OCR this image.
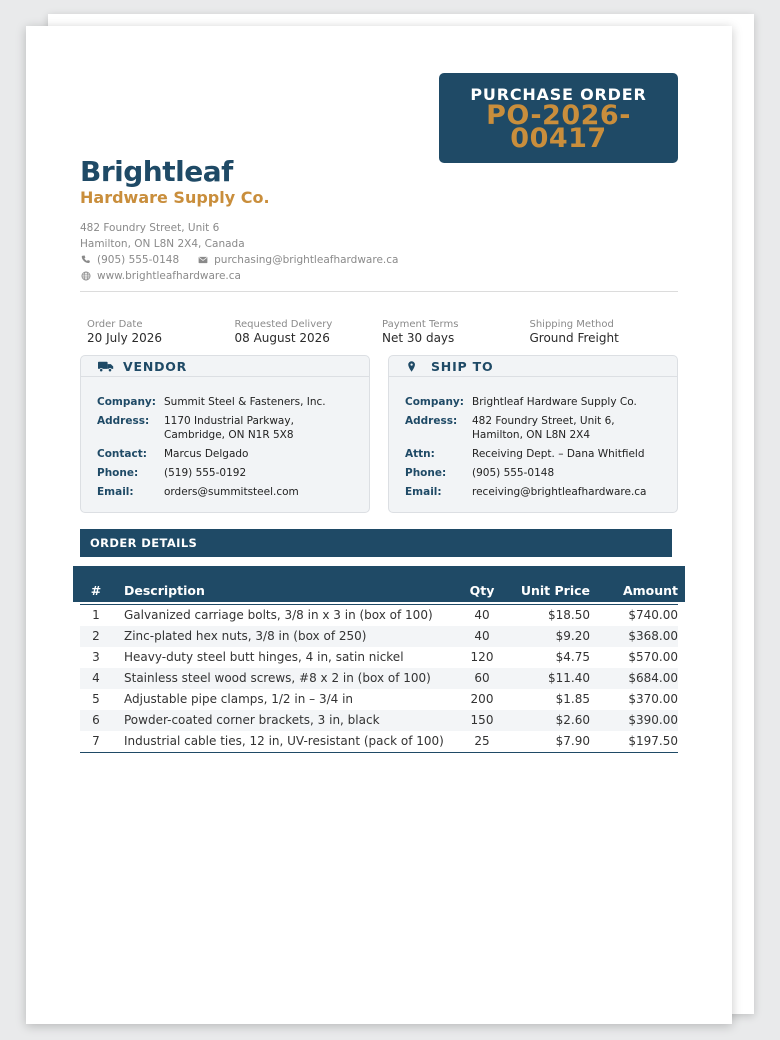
PURCHASE ORDER
PO-2026-00417
Brightleaf
Hardware Supply Co.
482 Foundry Street, Unit 6
Hamilton, ON L8N 2X4, Canada
(905) 555-0148	purchasing@brightleafhardware.ca
www.brightleafhardware.ca
Order Date
20 July 2026
Requested Delivery
08 August 2026
Payment Terms
Net 30 days
Shipping Method
Ground Freight
VENDOR
Company: Summit Steel & Fasteners, Inc.
Address:	1170 Industrial Parkway, Cambridge, ON N1R 5X8
Contact:	Marcus Delgado
Phone:	(519) 555-0192
Email:	orders@summitsteel.com
SHIP TO
Company: Brightleaf Hardware Supply Co.
Address:	482 Foundry Street, Unit 6, Hamilton, ON L8N 2X4
Attn:	Receiving Dept. – Dana Whitfield
Phone:	(905) 555-0148
Email:	receiving@brightleafhardware.ca
ORDER DETAILS
# Description	Qty	Unit Price	Amount
1 Galvanized carriage bolts, 3/8 in x 3 in (box of 100)	40	$18.50	$740.00
2 Zinc-plated hex nuts, 3/8 in (box of 250)	40	$9.20	$368.00
3 Heavy-duty steel butt hinges, 4 in, satin nickel	120	$4.75	$570.00
4 Stainless steel wood screws, #8 x 2 in (box of 100)	60	$11.40	$684.00
5 Adjustable pipe clamps, 1/2 in – 3/4 in	200	$1.85	$370.00
6 Powder-coated corner brackets, 3 in, black	150	$2.60	$390.00
7 Industrial cable ties, 12 in, UV-resistant (pack of 100)	25	$7.90	$197.50
